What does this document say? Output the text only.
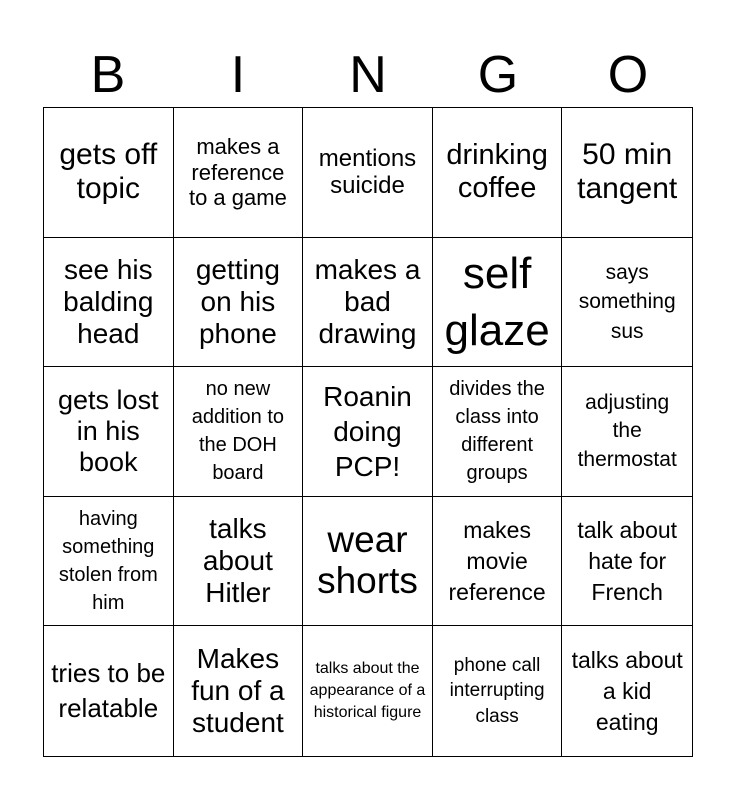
B	I	N	G	O
gets off topic
makes a reference to a game
mentions suicide
drinking coffee
50 min tangent
see his balding head
getting on his phone
makes a bad drawing
self glaze
says something sus
gets lost in his book
no new addition to the DOH board
Roanin doing PCP!
divides the class into different groups
adjusting the thermostat
having something stolen from him
talks about Hitler
wear shorts
makes movie reference
talk about hate for French
tries to be relatable
Makes fun of a student
talks about the appearance of a historical figure
phone call interrupting class
talks about a kid eating
